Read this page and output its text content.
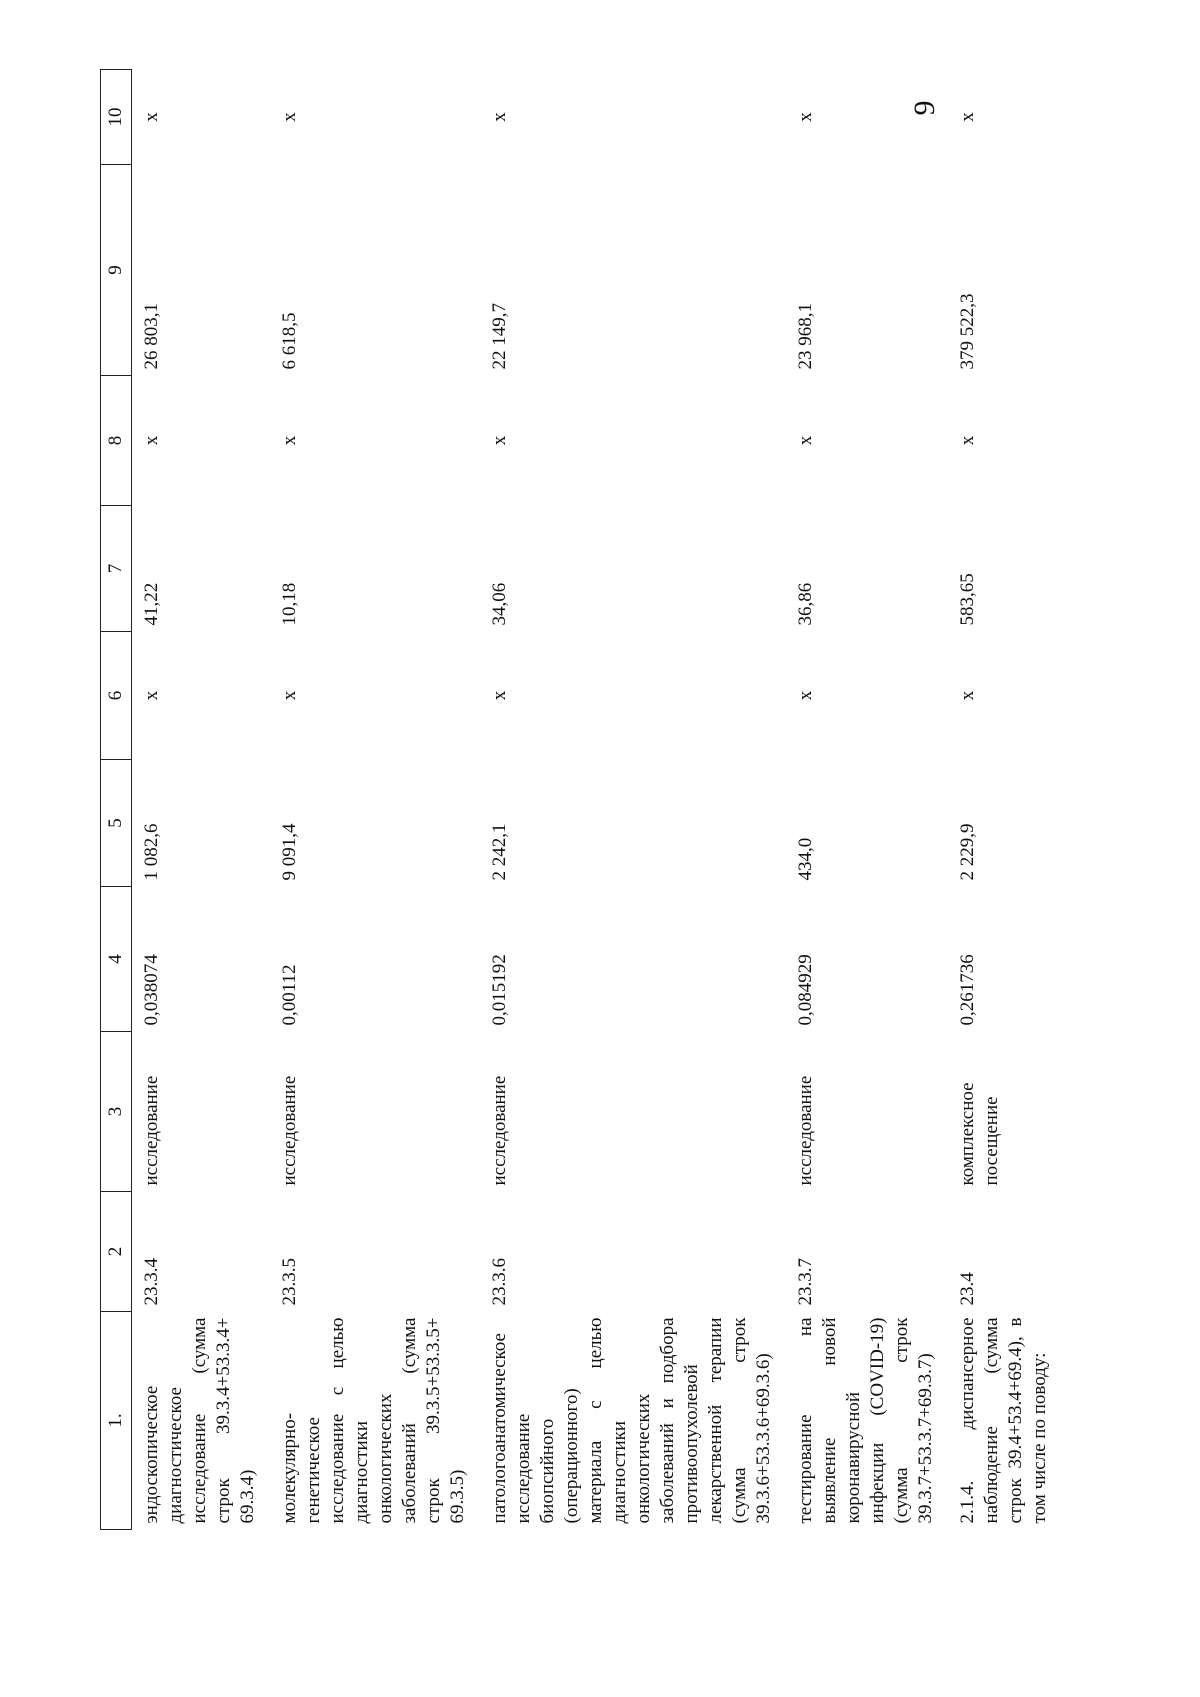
9
1.	2	3	4	5	6	7	8	9	10
эндоскопическое диагностическое исследование (сумма строк 39.3.4+53.3.4+ 69.3.4)	23.3.4	исследование	0,038074	1 082,6	х	41,22	х	26 803,1	х
молекулярно-генетическое исследование с целью диагностики онкологических заболеваний (сумма строк 39.3.5+53.3.5+ 69.3.5)	23.3.5	исследование	0,00112	9 091,4	х	10,18	х	6 618,5	х
патологоанатомическое исследование биопсийного (операционного) материала с целью диагностики онкологических заболеваний и подбора противоопухолевой лекарственной терапии (сумма строк 39.3.6+53.3.6+69.3.6)	23.3.6	исследование	0,015192	2 242,1	х	34,06	х	22 149,7	х
тестирование на выявление новой коронавирусной инфекции (COVID-19) (сумма строк 39.3.7+53.3.7+69.3.7)	23.3.7	исследование	0,084929	434,0	х	36,86	х	23 968,1	х
2.1.4. диспансерное наблюдение (сумма строк 39.4+53.4+69.4), в том числе по поводу:	23.4	комплексное посещение	0,261736	2 229,9	х	583,65	х	379 522,3	х
